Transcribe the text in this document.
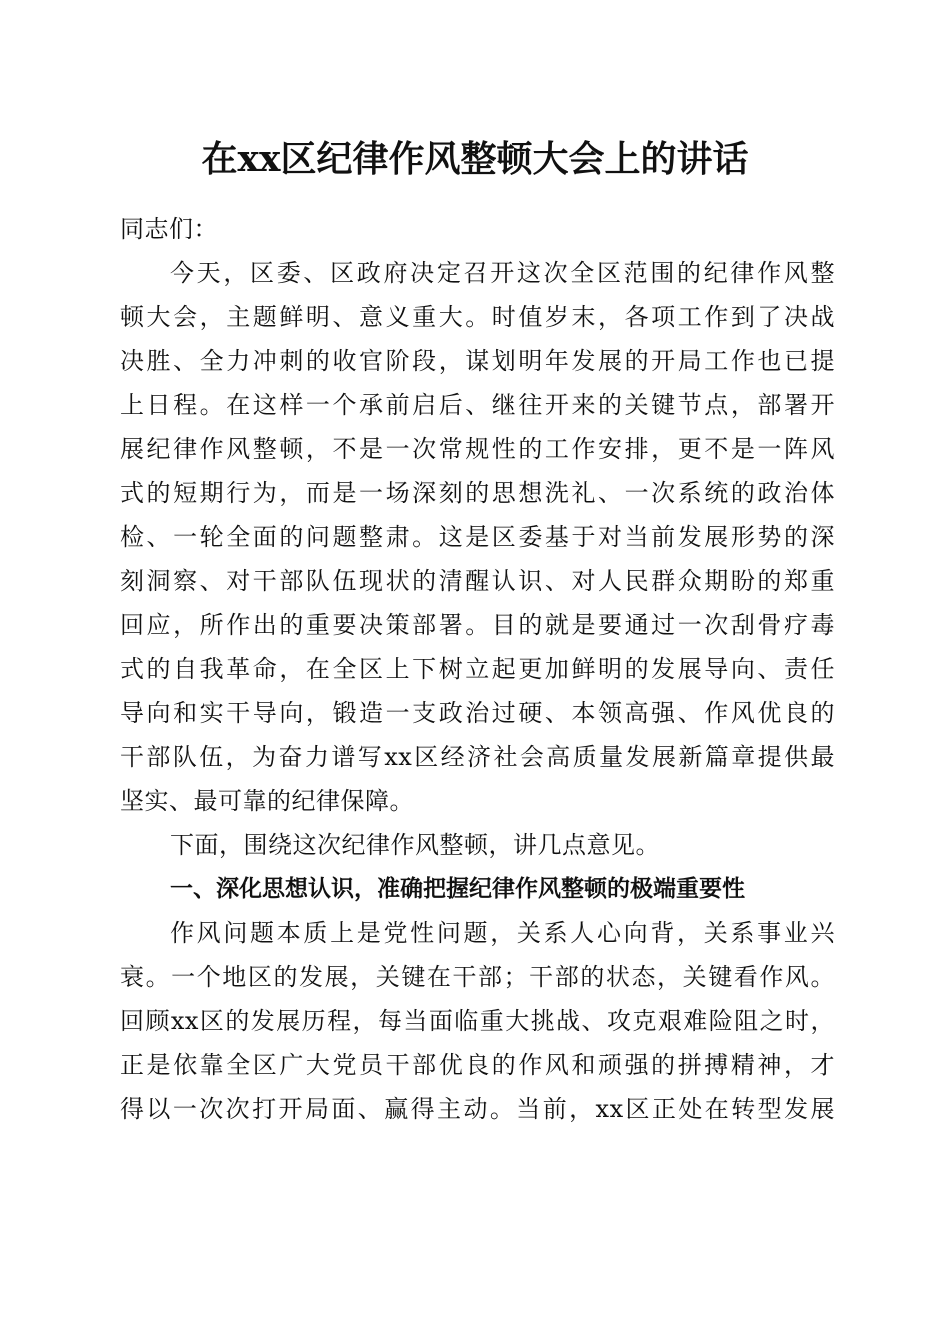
在xx区纪律作风整顿大会上的讲话
同志们：
今天，区委、区政府决定召开这次全区范围的纪律作风整
顿大会，主题鲜明、意义重大。时值岁末，各项工作到了决战
决胜、全力冲刺的收官阶段，谋划明年发展的开局工作也已提
上日程。在这样一个承前启后、继往开来的关键节点，部署开
展纪律作风整顿，不是一次常规性的工作安排，更不是一阵风
式的短期行为，而是一场深刻的思想洗礼、一次系统的政治体
检、一轮全面的问题整肃。这是区委基于对当前发展形势的深
刻洞察、对干部队伍现状的清醒认识、对人民群众期盼的郑重
回应，所作出的重要决策部署。目的就是要通过一次刮骨疗毒
式的自我革命，在全区上下树立起更加鲜明的发展导向、责任
导向和实干导向，锻造一支政治过硬、本领高强、作风优良的
干部队伍，为奋力谱写xx区经济社会高质量发展新篇章提供最
坚实、最可靠的纪律保障。
下面，围绕这次纪律作风整顿，讲几点意见。
一、深化思想认识，准确把握纪律作风整顿的极端重要性
作风问题本质上是党性问题，关系人心向背，关系事业兴
衰。一个地区的发展，关键在干部；干部的状态，关键看作风。
回顾xx区的发展历程，每当面临重大挑战、攻克艰难险阻之时，
正是依靠全区广大党员干部优良的作风和顽强的拼搏精神，才
得以一次次打开局面、赢得主动。当前，xx区正处在转型发展
